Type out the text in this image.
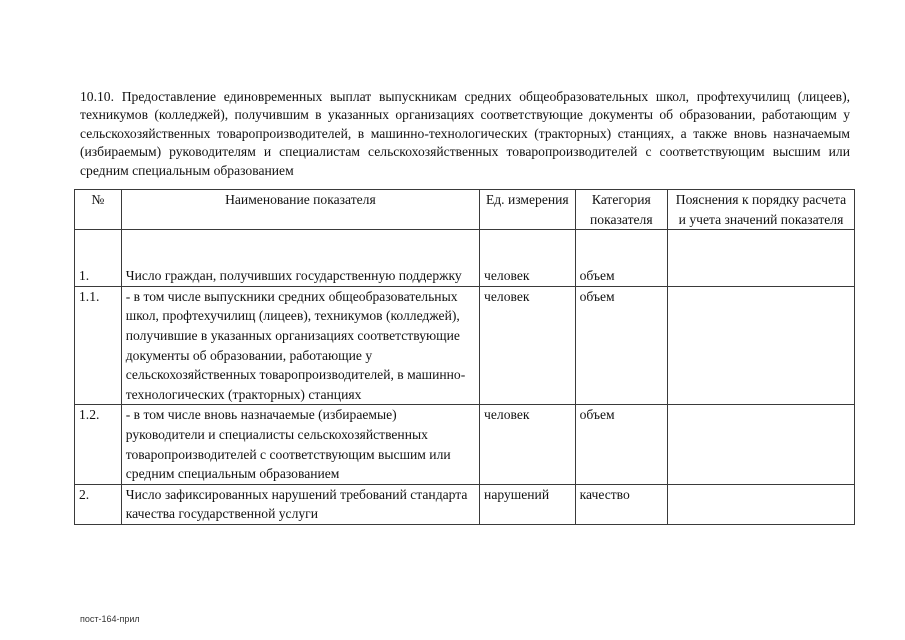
10.10. Предоставление единовременных выплат выпускникам средних общеобразовательных школ, профтехучилищ (лицеев), техникумов (колледжей), получившим в указанных организациях соответствующие документы об образовании, работающим у сельскохозяйственных товаропроизводителей, в машинно-технологических (тракторных) станциях, а также вновь назначаемым (избираемым) руководителям и специалистам сельскохозяйственных товаропроизводителей с соответствующим высшим или средним специальным образованием
№	Наименование показателя	Ед. измерения	Категория показателя	Пояснения к порядку расчета и учета значений показателя

1.	Число граждан, получивших государственную поддержку	человек	объем	
1.1.	- в том числе выпускники средних общеобразовательных школ, профтехучилищ (лицеев), техникумов (колледжей), получившие в указанных организациях соответствующие документы об образовании, работающие у сельскохозяйственных товаропроизводителей, в машинно-технологических (тракторных) станциях	человек	объем	
1.2.	- в том числе вновь назначаемые (избираемые) руководители и специалисты сельскохозяйственных товаропроизводителей с соответствующим высшим или средним специальным образованием	человек	объем	
2.	Число зафиксированных нарушений требований стандарта качества государственной услуги	нарушений	качество	
пост-164-прил
